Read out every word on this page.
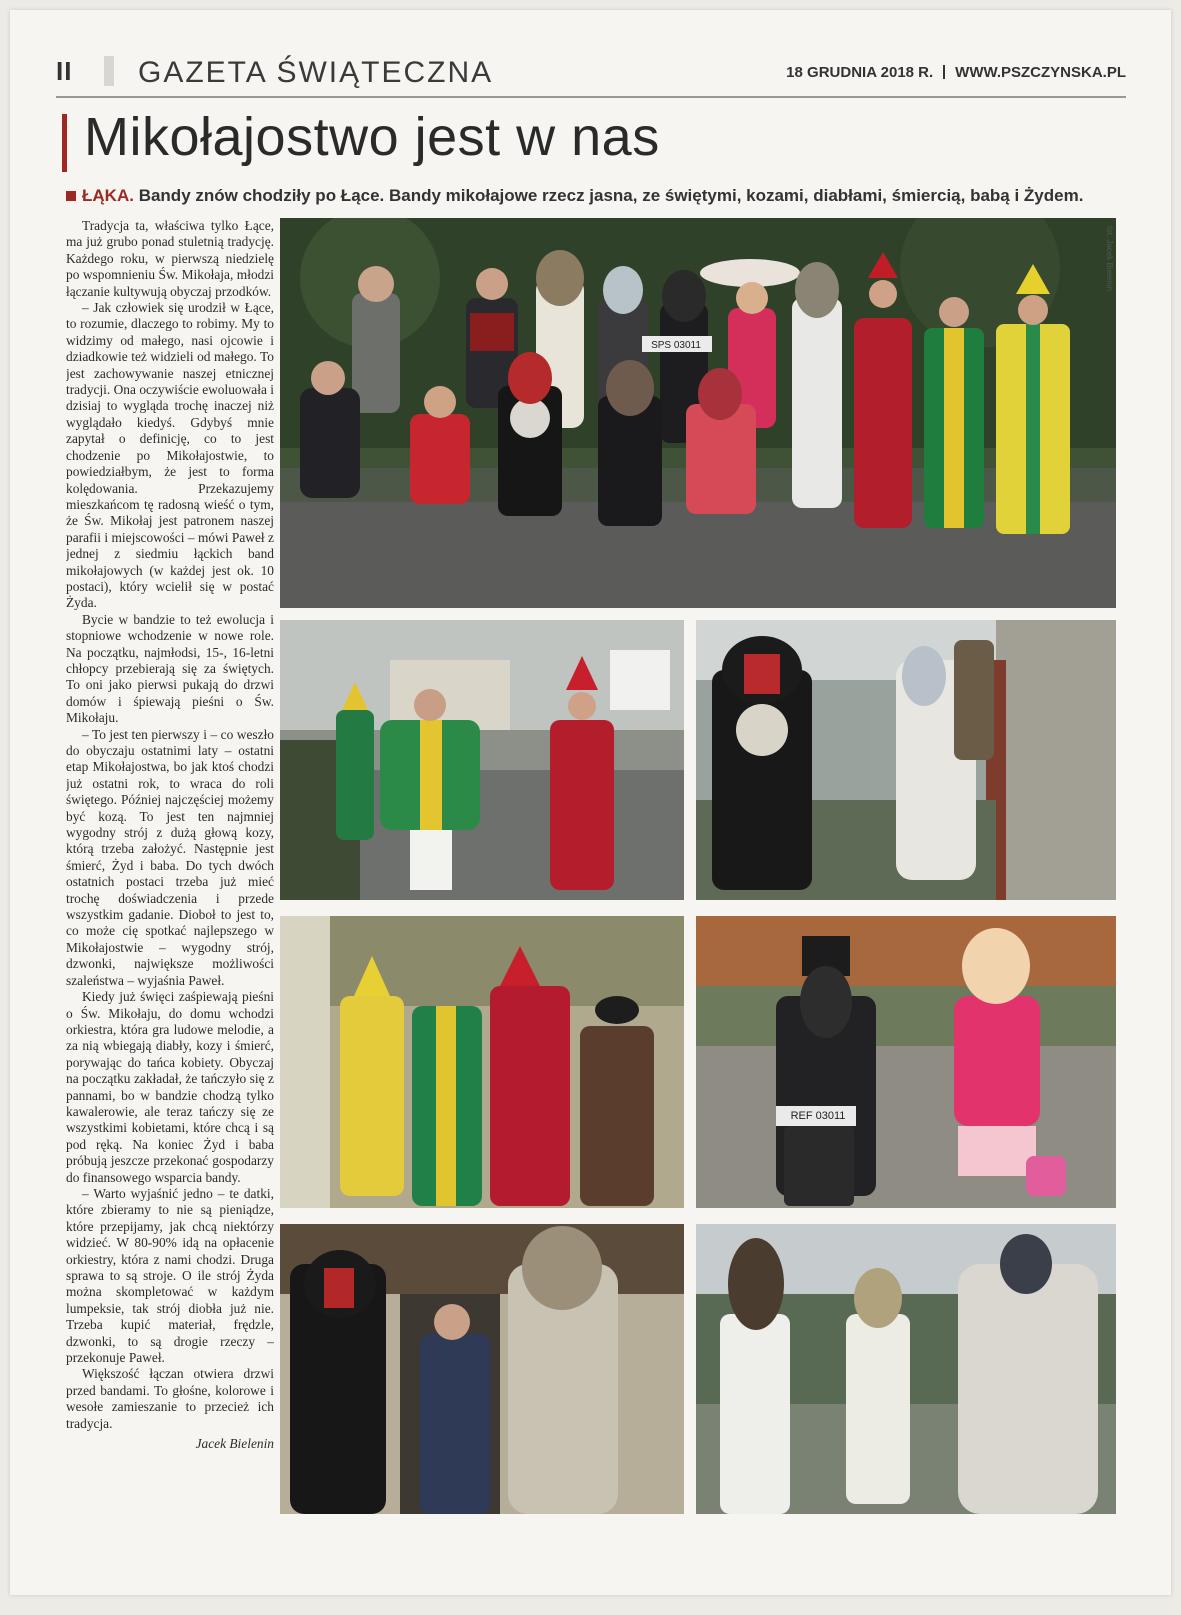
II GAZETA ŚWIĄTECZNA	18 GRUDNIA 2018 R. WWW.PSZCZYNSKA.PL
Mikołajostwo jest w nas
ŁĄKA. Bandy znów chodziły po Łące. Bandy mikołajowe rzecz jasna, ze świętymi, kozami, diabłami, śmiercią, babą i Żydem.

Tradycja ta, właściwa tylko Łące, ma już grubo ponad stuletnią tradycję. Każdego roku, w pierwszą niedzielę po wspomnieniu Św. Mikołaja, młodzi łączanie kultywują obyczaj przodków.

– Jak człowiek się urodził w Łące, to rozumie, dlaczego to robimy. My to widzimy od małego, nasi ojcowie i dziadkowie też widzieli od małego. To jest zachowywanie naszej etnicznej tradycji. Ona oczywiście ewoluowała i dzisiaj to wygląda trochę inaczej niż wyglądało kiedyś. Gdybyś mnie zapytał o definicję, co to jest chodzenie po Mikołajostwie, to powiedziałbym, że jest to forma kolędowania. Przekazujemy mieszkańcom tę radosną wieść o tym, że Św. Mikołaj jest patronem naszej parafii i miejscowości – mówi Paweł z jednej z siedmiu łąckich band mikołajowych (w każdej jest ok. 10 postaci), który wcielił się w postać Żyda.

Bycie w bandzie to też ewolucja i stopniowe wchodzenie w nowe role. Na początku, najmłodsi, 15-, 16-letni chłopcy przebierają się za świętych. To oni jako pierwsi pukają do drzwi domów i śpiewają pieśni o Św. Mikołaju.

– To jest ten pierwszy i – co weszło do obyczaju ostatnimi laty – ostatni etap Mikołajostwa, bo jak ktoś chodzi już ostatni rok, to wraca do roli świętego. Później najczęściej możemy być kozą. To jest ten najmniej wygodny strój z dużą głową kozy, którą trzeba założyć. Następnie jest śmierć, Żyd i baba. Do tych dwóch ostatnich postaci trzeba już mieć trochę doświadczenia i przede wszystkim gadanie. Dioboł to jest to, co może cię spotkać najlepszego w Mikołajostwie – wygodny strój, dzwonki, największe możliwości szaleństwa – wyjaśnia Paweł.

Kiedy już święci zaśpiewają pieśni o Św. Mikołaju, do domu wchodzi orkiestra, która gra ludowe melodie, a za nią wbiegają diabły, kozy i śmierć, porywając do tańca kobiety. Obyczaj na początku zakładał, że tańczyło się z pannami, bo w bandzie chodzą tylko kawalerowie, ale teraz tańczy się ze wszystkimi kobietami, które chcą i są pod ręką. Na koniec Żyd i baba próbują jeszcze przekonać gospodarzy do finansowego wsparcia bandy.

– Warto wyjaśnić jedno – te datki, które zbieramy to nie są pieniądze, które przepijamy, jak chcą niektórzy widzieć. W 80-90% idą na opłacenie orkiestry, która z nami chodzi. Druga sprawa to są stroje. O ile strój Żyda można skompletować w każdym lumpeksie, tak strój diobła już nie. Trzeba kupić materiał, frędzle, dzwonki, to są drogie rzeczy – przekonuje Paweł.

Większość łączan otwiera drzwi przed bandami. To głośne, kolorowe i wesołe zamieszanie to przecież ich tradycja.

Jacek Bielenin

SPS 03011
fot. Jacek Bielenin
REF 03011
